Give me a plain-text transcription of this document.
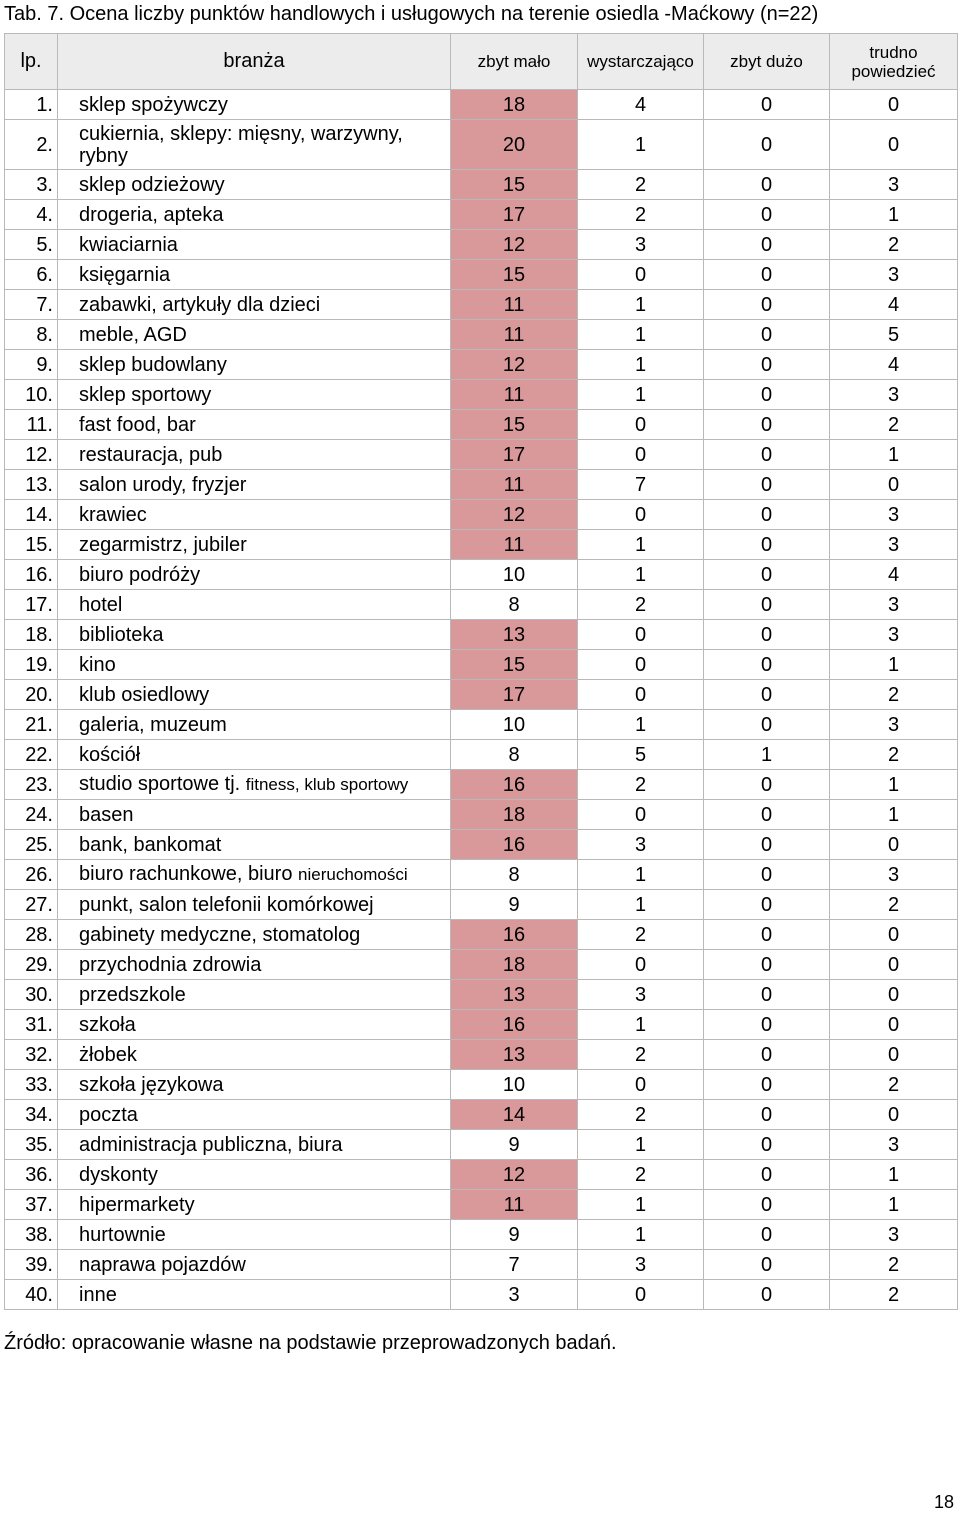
Tab. 7. Ocena liczby punktów handlowych i usługowych na terenie osiedla -Maćkowy (n=22)
lp.	branża	zbyt mało	wystarczająco	zbyt dużo	trudno powiedzieć
1.	sklep spożywczy	18	4	0	0
2.	cukiernia, sklepy: mięsny, warzywny, rybny	20	1	0	0
3.	sklep odzieżowy	15	2	0	3
4.	drogeria, apteka	17	2	0	1
5.	kwiaciarnia	12	3	0	2
6.	księgarnia	15	0	0	3
7.	zabawki, artykuły dla dzieci	11	1	0	4
8.	meble, AGD	11	1	0	5
9.	sklep budowlany	12	1	0	4
10.	sklep sportowy	11	1	0	3
11.	fast food, bar	15	0	0	2
12.	restauracja, pub	17	0	0	1
13.	salon urody, fryzjer	11	7	0	0
14.	krawiec	12	0	0	3
15.	zegarmistrz, jubiler	11	1	0	3
16.	biuro podróży	10	1	0	4
17.	hotel	8	2	0	3
18.	biblioteka	13	0	0	3
19.	kino	15	0	0	1
20.	klub osiedlowy	17	0	0	2
21.	galeria, muzeum	10	1	0	3
22.	kościół	8	5	1	2
23.	studio sportowe tj. fitness, klub sportowy	16	2	0	1
24.	basen	18	0	0	1
25.	bank, bankomat	16	3	0	0
26.	biuro rachunkowe, biuro nieruchomości	8	1	0	3
27.	punkt, salon telefonii komórkowej	9	1	0	2
28.	gabinety medyczne, stomatolog	16	2	0	0
29.	przychodnia zdrowia	18	0	0	0
30.	przedszkole	13	3	0	0
31.	szkoła	16	1	0	0
32.	żłobek	13	2	0	0
33.	szkoła językowa	10	0	0	2
34.	poczta	14	2	0	0
35.	administracja publiczna, biura	9	1	0	3
36.	dyskonty	12	2	0	1
37.	hipermarkety	11	1	0	1
38.	hurtownie	9	1	0	3
39.	naprawa pojazdów	7	3	0	2
40.	inne	3	0	0	2
Źródło: opracowanie własne na podstawie przeprowadzonych badań.
18
